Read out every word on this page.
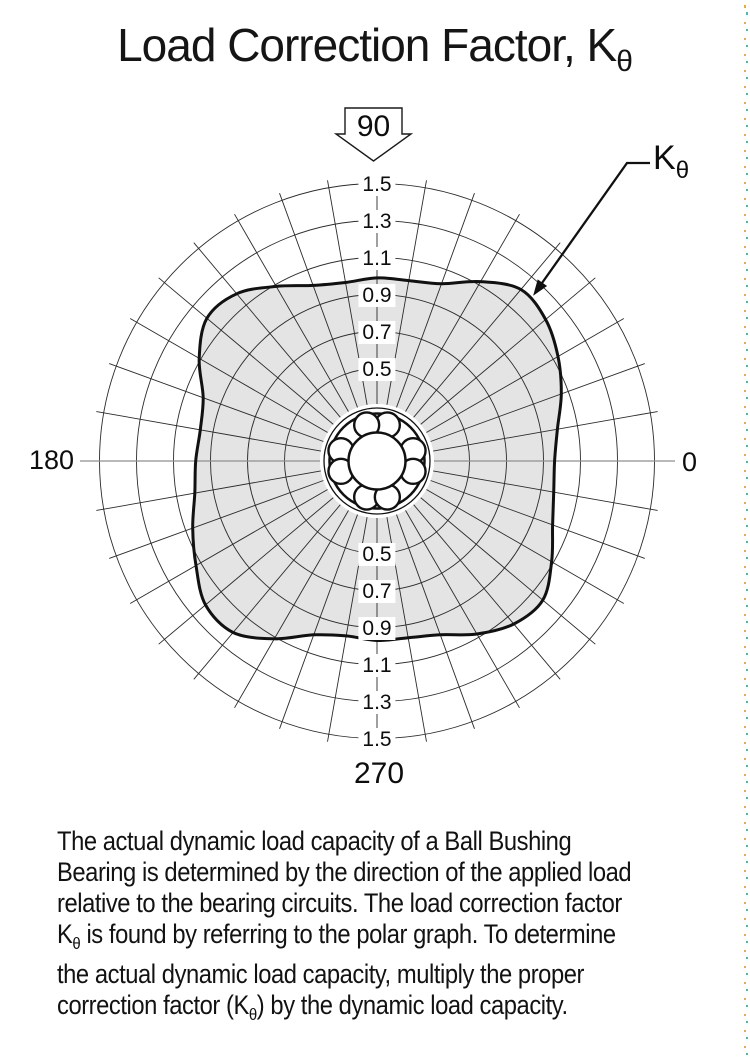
Load Correction Factor, $K_\theta$
90
180	0
270
$K_\theta$
1.5
1.3
1.1
0.9
0.7
0.5
0.5
0.7
0.9
1.1
1.3
1.5
The actual dynamic load capacity of a Ball Bushing
Bearing is determined by the direction of the applied load
relative to the bearing circuits. The load correction factor
$K_\theta$ is found by referring to the polar graph. To determine
the actual dynamic load capacity, multiply the proper
correction factor $(K_\theta)$ by the dynamic load capacity.
